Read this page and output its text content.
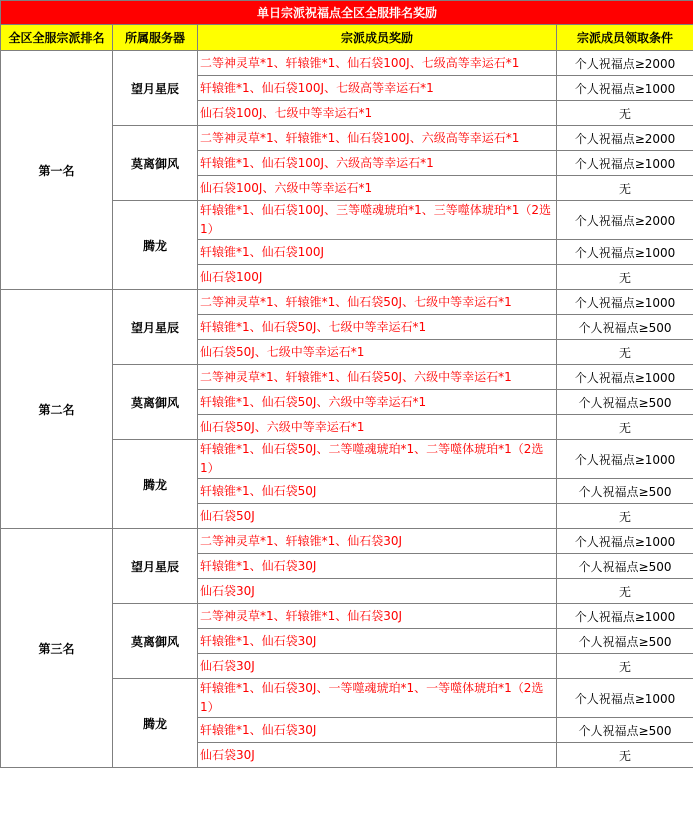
单日宗派祝福点全区全服排名奖励			
全区全服宗派排名	所属服务器	宗派成员奖励	宗派成员领取条件
第一名	望月星辰	二等神灵草*1、轩辕锥*1、仙石袋100J、七级高等幸运石*1	个人祝福点≥2000
		轩辕锥*1、仙石袋100J、七级高等幸运石*1	个人祝福点≥1000
		仙石袋100J、七级中等幸运石*1	无
	莫离御风	二等神灵草*1、轩辕锥*1、仙石袋100J、六级高等幸运石*1	个人祝福点≥2000
		轩辕锥*1、仙石袋100J、六级高等幸运石*1	个人祝福点≥1000
		仙石袋100J、六级中等幸运石*1	无
	腾龙	轩辕锥*1、仙石袋100J、三等噬魂琥珀*1、三等噬体琥珀*1（2选1）	个人祝福点≥2000
		轩辕锥*1、仙石袋100J	个人祝福点≥1000
		仙石袋100J	无
第二名	望月星辰	二等神灵草*1、轩辕锥*1、仙石袋50J、七级中等幸运石*1	个人祝福点≥1000
		轩辕锥*1、仙石袋50J、七级中等幸运石*1	个人祝福点≥500
		仙石袋50J、七级中等幸运石*1	无
	莫离御风	二等神灵草*1、轩辕锥*1、仙石袋50J、六级中等幸运石*1	个人祝福点≥1000
		轩辕锥*1、仙石袋50J、六级中等幸运石*1	个人祝福点≥500
		仙石袋50J、六级中等幸运石*1	无
	腾龙	轩辕锥*1、仙石袋50J、二等噬魂琥珀*1、二等噬体琥珀*1（2选1）	个人祝福点≥1000
		轩辕锥*1、仙石袋50J	个人祝福点≥500
		仙石袋50J	无
第三名	望月星辰	二等神灵草*1、轩辕锥*1、仙石袋30J	个人祝福点≥1000
		轩辕锥*1、仙石袋30J	个人祝福点≥500
		仙石袋30J	无
	莫离御风	二等神灵草*1、轩辕锥*1、仙石袋30J	个人祝福点≥1000
		轩辕锥*1、仙石袋30J	个人祝福点≥500
		仙石袋30J	无
	腾龙	轩辕锥*1、仙石袋30J、一等噬魂琥珀*1、一等噬体琥珀*1（2选1）	个人祝福点≥1000
		轩辕锥*1、仙石袋30J	个人祝福点≥500
		仙石袋30J	无
